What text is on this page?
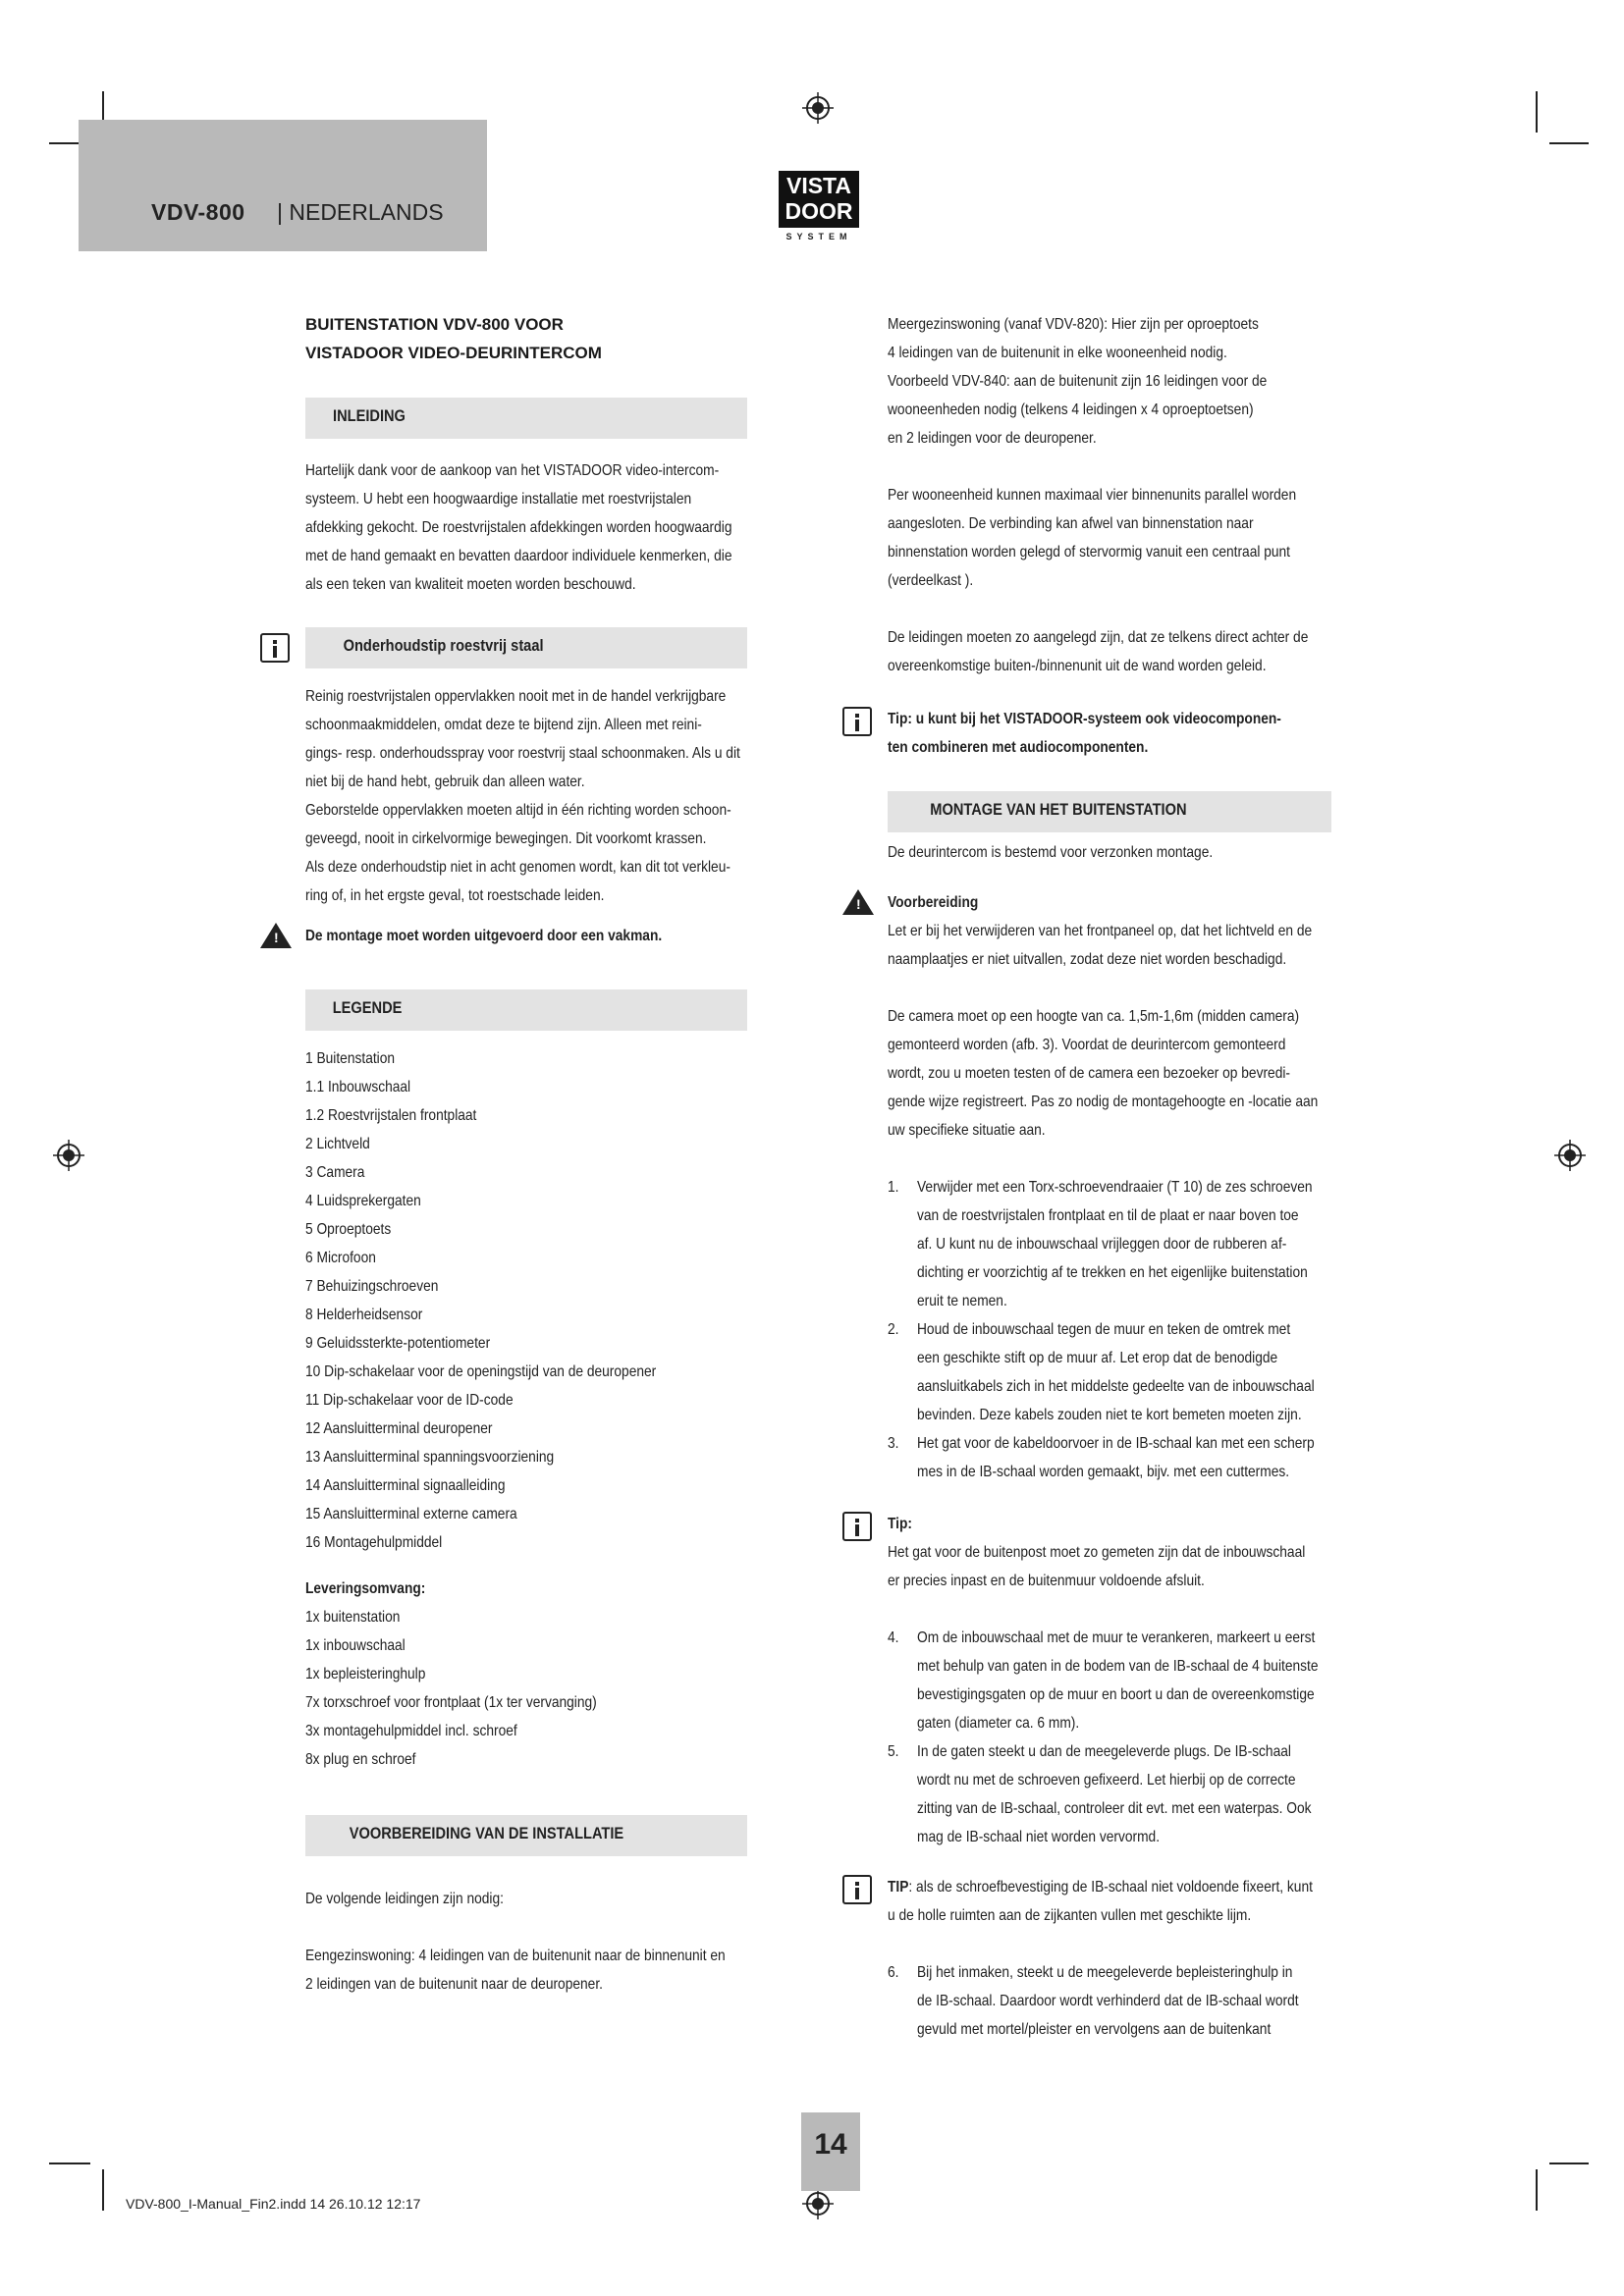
VDV-800 | NEDERLANDS
VISTA
DOOR
SYSTEM
BUITENSTATION VDV-800 VOOR
VISTADOOR VIDEO-DEURINTERCOM
INLEIDING
Hartelijk dank voor de aankoop van het VISTADOOR video-intercom-
systeem. U hebt een hoogwaardige installatie met roestvrijstalen
afdekking gekocht. De roestvrijstalen afdekkingen worden hoogwaardig
met de hand gemaakt en bevatten daardoor individuele kenmerken, die
als een teken van kwaliteit moeten worden beschouwd.
Onderhoudstip roestvrij staal
Reinig roestvrijstalen oppervlakken nooit met in de handel verkrijgbare
schoonmaakmiddelen, omdat deze te bijtend zijn. Alleen met reini-
gings- resp. onderhoudsspray voor roestvrij staal schoonmaken. Als u dit
niet bij de hand hebt, gebruik dan alleen water.
Geborstelde oppervlakken moeten altijd in één richting worden schoon-
geveegd, nooit in cirkelvormige bewegingen. Dit voorkomt krassen.
Als deze onderhoudstip niet in acht genomen wordt, kan dit tot verkleu-
ring of, in het ergste geval, tot roestschade leiden.
! De montage moet worden uitgevoerd door een vakman.
LEGENDE
1 Buitenstation
1.1 Inbouwschaal
1.2 Roestvrijstalen frontplaat
2 Lichtveld
3 Camera
4 Luidsprekergaten
5 Oproeptoets
6 Microfoon
7 Behuizingschroeven
8 Helderheidsensor
9 Geluidssterkte-potentiometer
10 Dip-schakelaar voor de openingstijd van de deuropener
11 Dip-schakelaar voor de ID-code
12 Aansluitterminal deuropener
13 Aansluitterminal spanningsvoorziening
14 Aansluitterminal signaalleiding
15 Aansluitterminal externe camera
16 Montagehulpmiddel
Leveringsomvang:
1x buitenstation
1x inbouwschaal
1x bepleisteringhulp
7x torxschroef voor frontplaat (1x ter vervanging)
3x montagehulpmiddel incl. schroef
8x plug en schroef
VOORBEREIDING VAN DE INSTALLATIE
De volgende leidingen zijn nodig:
Eengezinswoning: 4 leidingen van de buitenunit naar de binnenunit en
2 leidingen van de buitenunit naar de deuropener.
Meergezinswoning (vanaf VDV-820): Hier zijn per oproeptoets
4 leidingen van de buitenunit in elke wooneenheid nodig.
Voorbeeld VDV-840: aan de buitenunit zijn 16 leidingen voor de
wooneenheden nodig (telkens 4 leidingen x 4 oproeptoetsen)
en 2 leidingen voor de deuropener.
Per wooneenheid kunnen maximaal vier binnenunits parallel worden
aangesloten. De verbinding kan afwel van binnenstation naar
binnenstation worden gelegd of stervormig vanuit een centraal punt
(verdeelkast ).
De leidingen moeten zo aangelegd zijn, dat ze telkens direct achter de
overeenkomstige buiten-/binnenunit uit de wand worden geleid.
Tip: u kunt bij het VISTADOOR-systeem ook videocomponen-
ten combineren met audiocomponenten.
MONTAGE VAN HET BUITENSTATION
De deurintercom is bestemd voor verzonken montage.
! Voorbereiding
Let er bij het verwijderen van het frontpaneel op, dat het lichtveld en de
naamplaatjes er niet uitvallen, zodat deze niet worden beschadigd.
De camera moet op een hoogte van ca. 1,5m-1,6m (midden camera)
gemonteerd worden (afb. 3). Voordat de deurintercom gemonteerd
wordt, zou u moeten testen of de camera een bezoeker op bevredi-
gende wijze registreert. Pas zo nodig de montagehoogte en -locatie aan
uw specifieke situatie aan.
1. Verwijder met een Torx-schroevendraaier (T 10) de zes schroeven
van de roestvrijstalen frontplaat en til de plaat er naar boven toe
af. U kunt nu de inbouwschaal vrijleggen door de rubberen af-
dichting er voorzichtig af te trekken en het eigenlijke buitenstation
eruit te nemen.
2. Houd de inbouwschaal tegen de muur en teken de omtrek met
een geschikte stift op de muur af. Let erop dat de benodigde
aansluitkabels zich in het middelste gedeelte van de inbouwschaal
bevinden. Deze kabels zouden niet te kort bemeten moeten zijn.
3. Het gat voor de kabeldoorvoer in de IB-schaal kan met een scherp
mes in de IB-schaal worden gemaakt, bijv. met een cuttermes.
Tip:
Het gat voor de buitenpost moet zo gemeten zijn dat de inbouwschaal
er precies inpast en de buitenmuur voldoende afsluit.
4. Om de inbouwschaal met de muur te verankeren, markeert u eerst
met behulp van gaten in de bodem van de IB-schaal de 4 buitenste
bevestigingsgaten op de muur en boort u dan de overeenkomstige
gaten (diameter ca. 6 mm).
5. In de gaten steekt u dan de meegeleverde plugs. De IB-schaal
wordt nu met de schroeven gefixeerd. Let hierbij op de correcte
zitting van de IB-schaal, controleer dit evt. met een waterpas. Ook
mag de IB-schaal niet worden vervormd.
TIP: als de schroefbevestiging de IB-schaal niet voldoende fixeert, kunt
u de holle ruimten aan de zijkanten vullen met geschikte lijm.
6. Bij het inmaken, steekt u de meegeleverde bepleisteringhulp in
de IB-schaal. Daardoor wordt verhinderd dat de IB-schaal wordt
gevuld met mortel/pleister en vervolgens aan de buitenkant
14
VDV-800_I-Manual_Fin2.indd 14 26.10.12 12:17
